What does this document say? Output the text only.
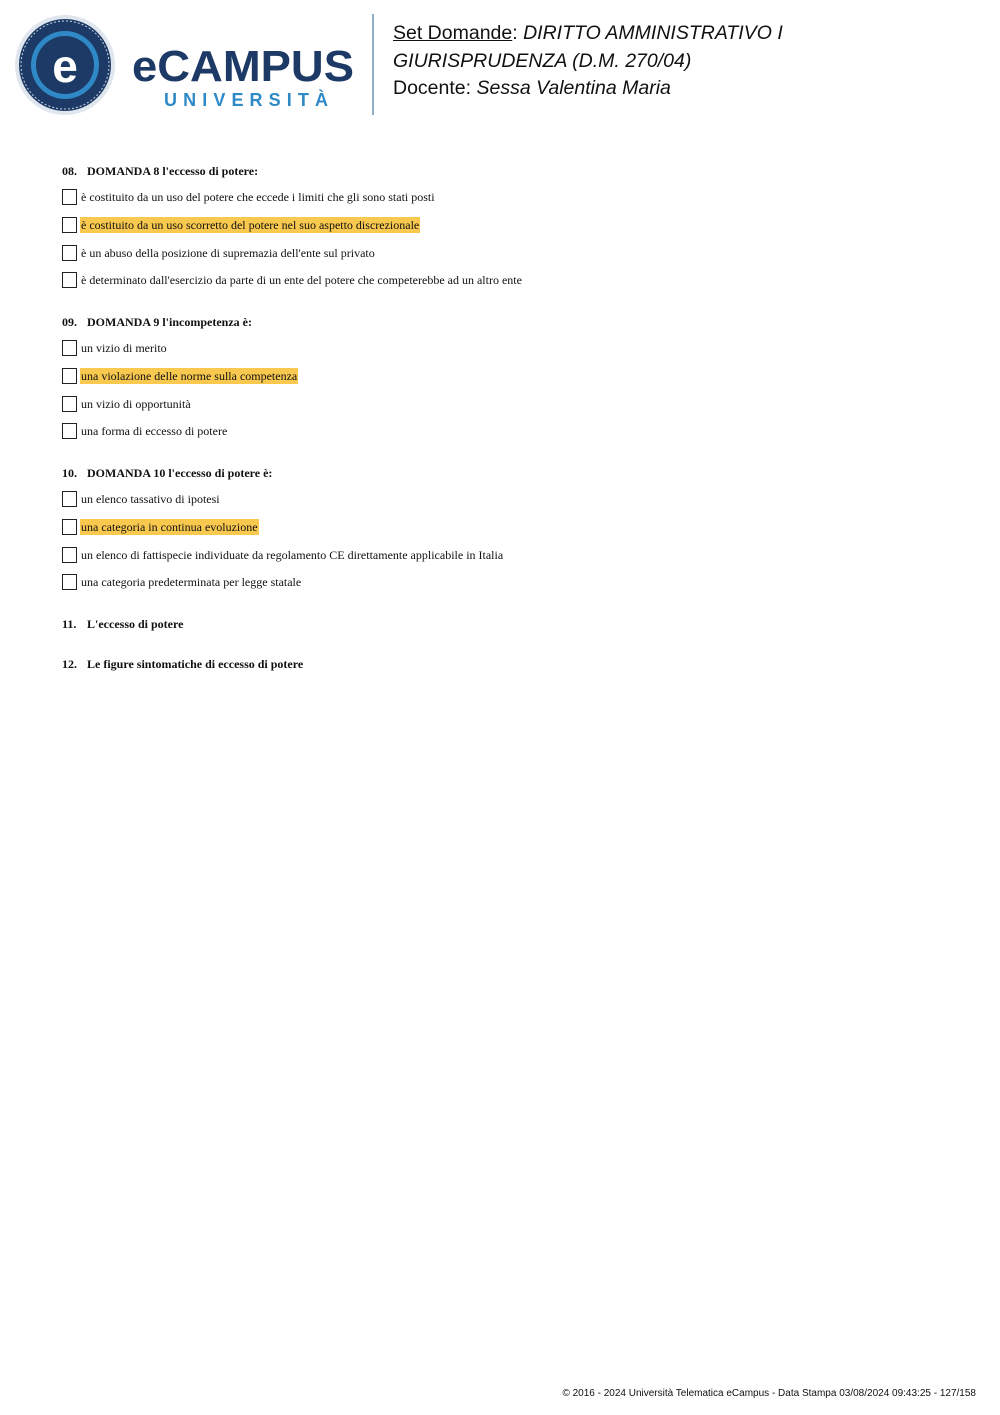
e eCAMPUS
UNIVERSITÀ
Set Domande: DIRITTO AMMINISTRATIVO I
GIURISPRUDENZA (D.M. 270/04)
Docente: Sessa Valentina Maria
08. DOMANDA 8 l'eccesso di potere:
è costituito da un uso del potere che eccede i limiti che gli sono stati posti
è costituito da un uso scorretto del potere nel suo aspetto discrezionale
è un abuso della posizione di supremazia dell'ente sul privato
è determinato dall'esercizio da parte di un ente del potere che competerebbe ad un altro ente
09. DOMANDA 9 l'incompetenza è:
un vizio di merito
una violazione delle norme sulla competenza
un vizio di opportunità
una forma di eccesso di potere
10. DOMANDA 10 l'eccesso di potere è:
un elenco tassativo di ipotesi
una categoria in continua evoluzione
un elenco di fattispecie individuate da regolamento CE direttamente applicabile in Italia
una categoria predeterminata per legge statale
11. L'eccesso di potere
12. Le figure sintomatiche di eccesso di potere
© 2016 - 2024 Università Telematica eCampus - Data Stampa 03/08/2024 09:43:25 - 127/158
